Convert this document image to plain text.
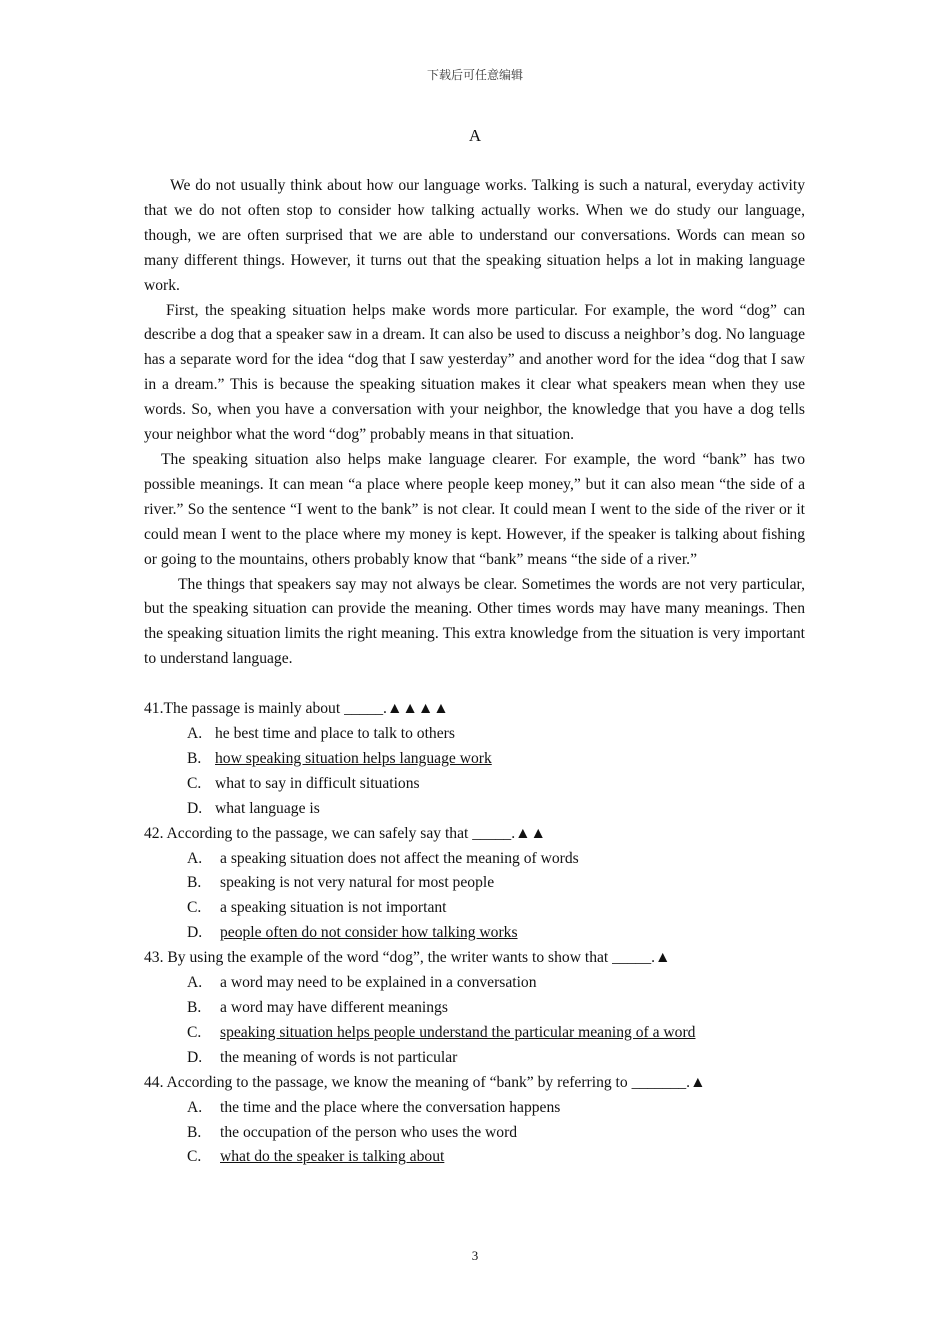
下载后可任意编辑
A

We do not usually think about how our language works. Talking is such a natural, everyday activity that we do not often stop to consider how talking actually works. When we do study our language, though, we are often surprised that we are able to understand our conversations. Words can mean so many different things. However, it turns out that the speaking situation helps a lot in making language work.

First, the speaking situation helps make words more particular. For example, the word “dog” can describe a dog that a speaker saw in a dream. It can also be used to discuss a neighbor’s dog. No language has a separate word for the idea “dog that I saw yesterday” and another word for the idea “dog that I saw in a dream.” This is because the speaking situation makes it clear what speakers mean when they use words. So, when you have a conversation with your neighbor, the knowledge that you have a dog tells your neighbor what the word “dog” probably means in that situation.

The speaking situation also helps make language clearer. For example, the word “bank” has two possible meanings. It can mean “a place where people keep money,” but it can also mean “the side of a river.” So the sentence “I went to the bank” is not clear. It could mean I went to the side of the river or it could mean I went to the place where my money is kept. However, if the speaker is talking about fishing or going to the mountains, others probably know that “bank” means “the side of a river.”

The things that speakers say may not always be clear. Sometimes the words are not very particular, but the speaking situation can provide the meaning. Other times words may have many meanings. Then the speaking situation limits the right meaning. This extra knowledge from the situation is very important to understand language.

41.The passage is mainly about _____.▲▲▲▲

A. he best time and place to talk to others

B. how speaking situation helps language work

C. what to say in difficult situations

D. what language is

42. According to the passage, we can safely say that _____.▲▲

A.	a speaking situation does not affect the meaning of words

B.	speaking is not very natural for most people

C.	a speaking situation is not important

D.	people often do not consider how talking works

43. By using the example of the word “dog”, the writer wants to show that _____.▲

A.	a word may need to be explained in a conversation

B.	a word may have different meanings

C.	speaking situation helps people understand the particular meaning of a word

D.	the meaning of words is not particular

44. According to the passage, we know the meaning of “bank” by referring to _______.▲

A.	the time and the place where the conversation happens

B.	the occupation of the person who uses the word

C.	what do the speaker is talking about

3
